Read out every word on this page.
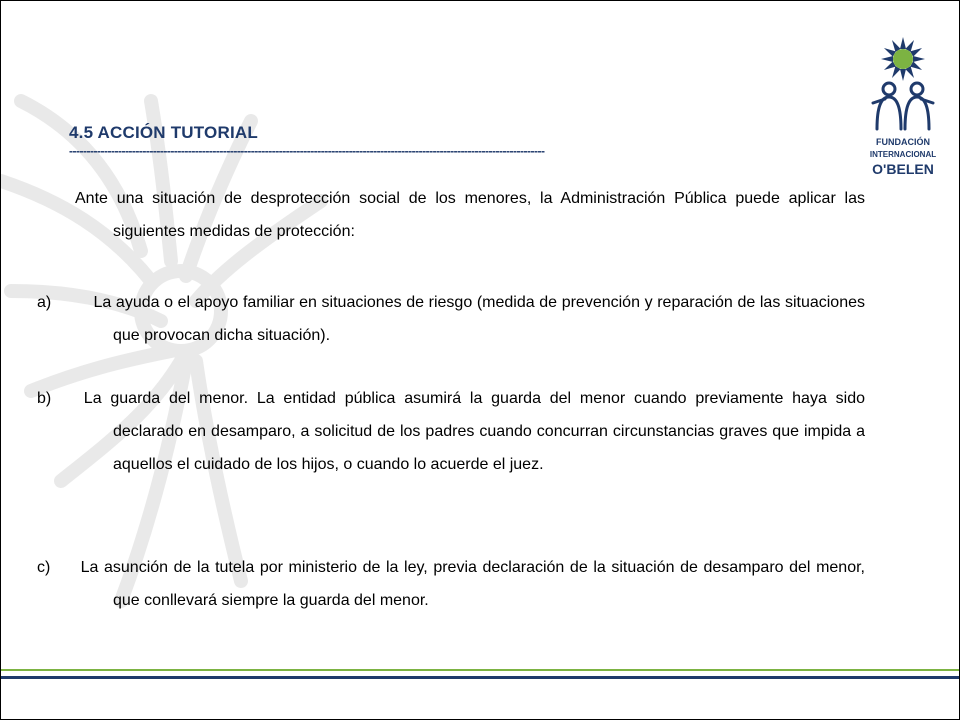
FUNDACIÓN
INTERNACIONAL
O'BELEN
4.5 ACCIÓN TUTORIAL
----------------------------------------------------------------------------------------------------------------------------------------
Ante una situación de desprotección social de los menores, la Administración Pública puede aplicar las siguientes medidas de protección:
a)	La ayuda o el apoyo familiar en situaciones de riesgo (medida de prevención y reparación de las situaciones que provocan dicha situación).
b) La guarda del menor. La entidad pública asumirá la guarda del menor cuando previamente haya sido declarado en desamparo, a solicitud de los padres cuando concurran circunstancias graves que impida a aquellos el cuidado de los hijos, o cuando lo acuerde el juez.
c) La asunción de la tutela por ministerio de la ley, previa declaración de la situación de desamparo del menor, que conllevará siempre la guarda del menor.
